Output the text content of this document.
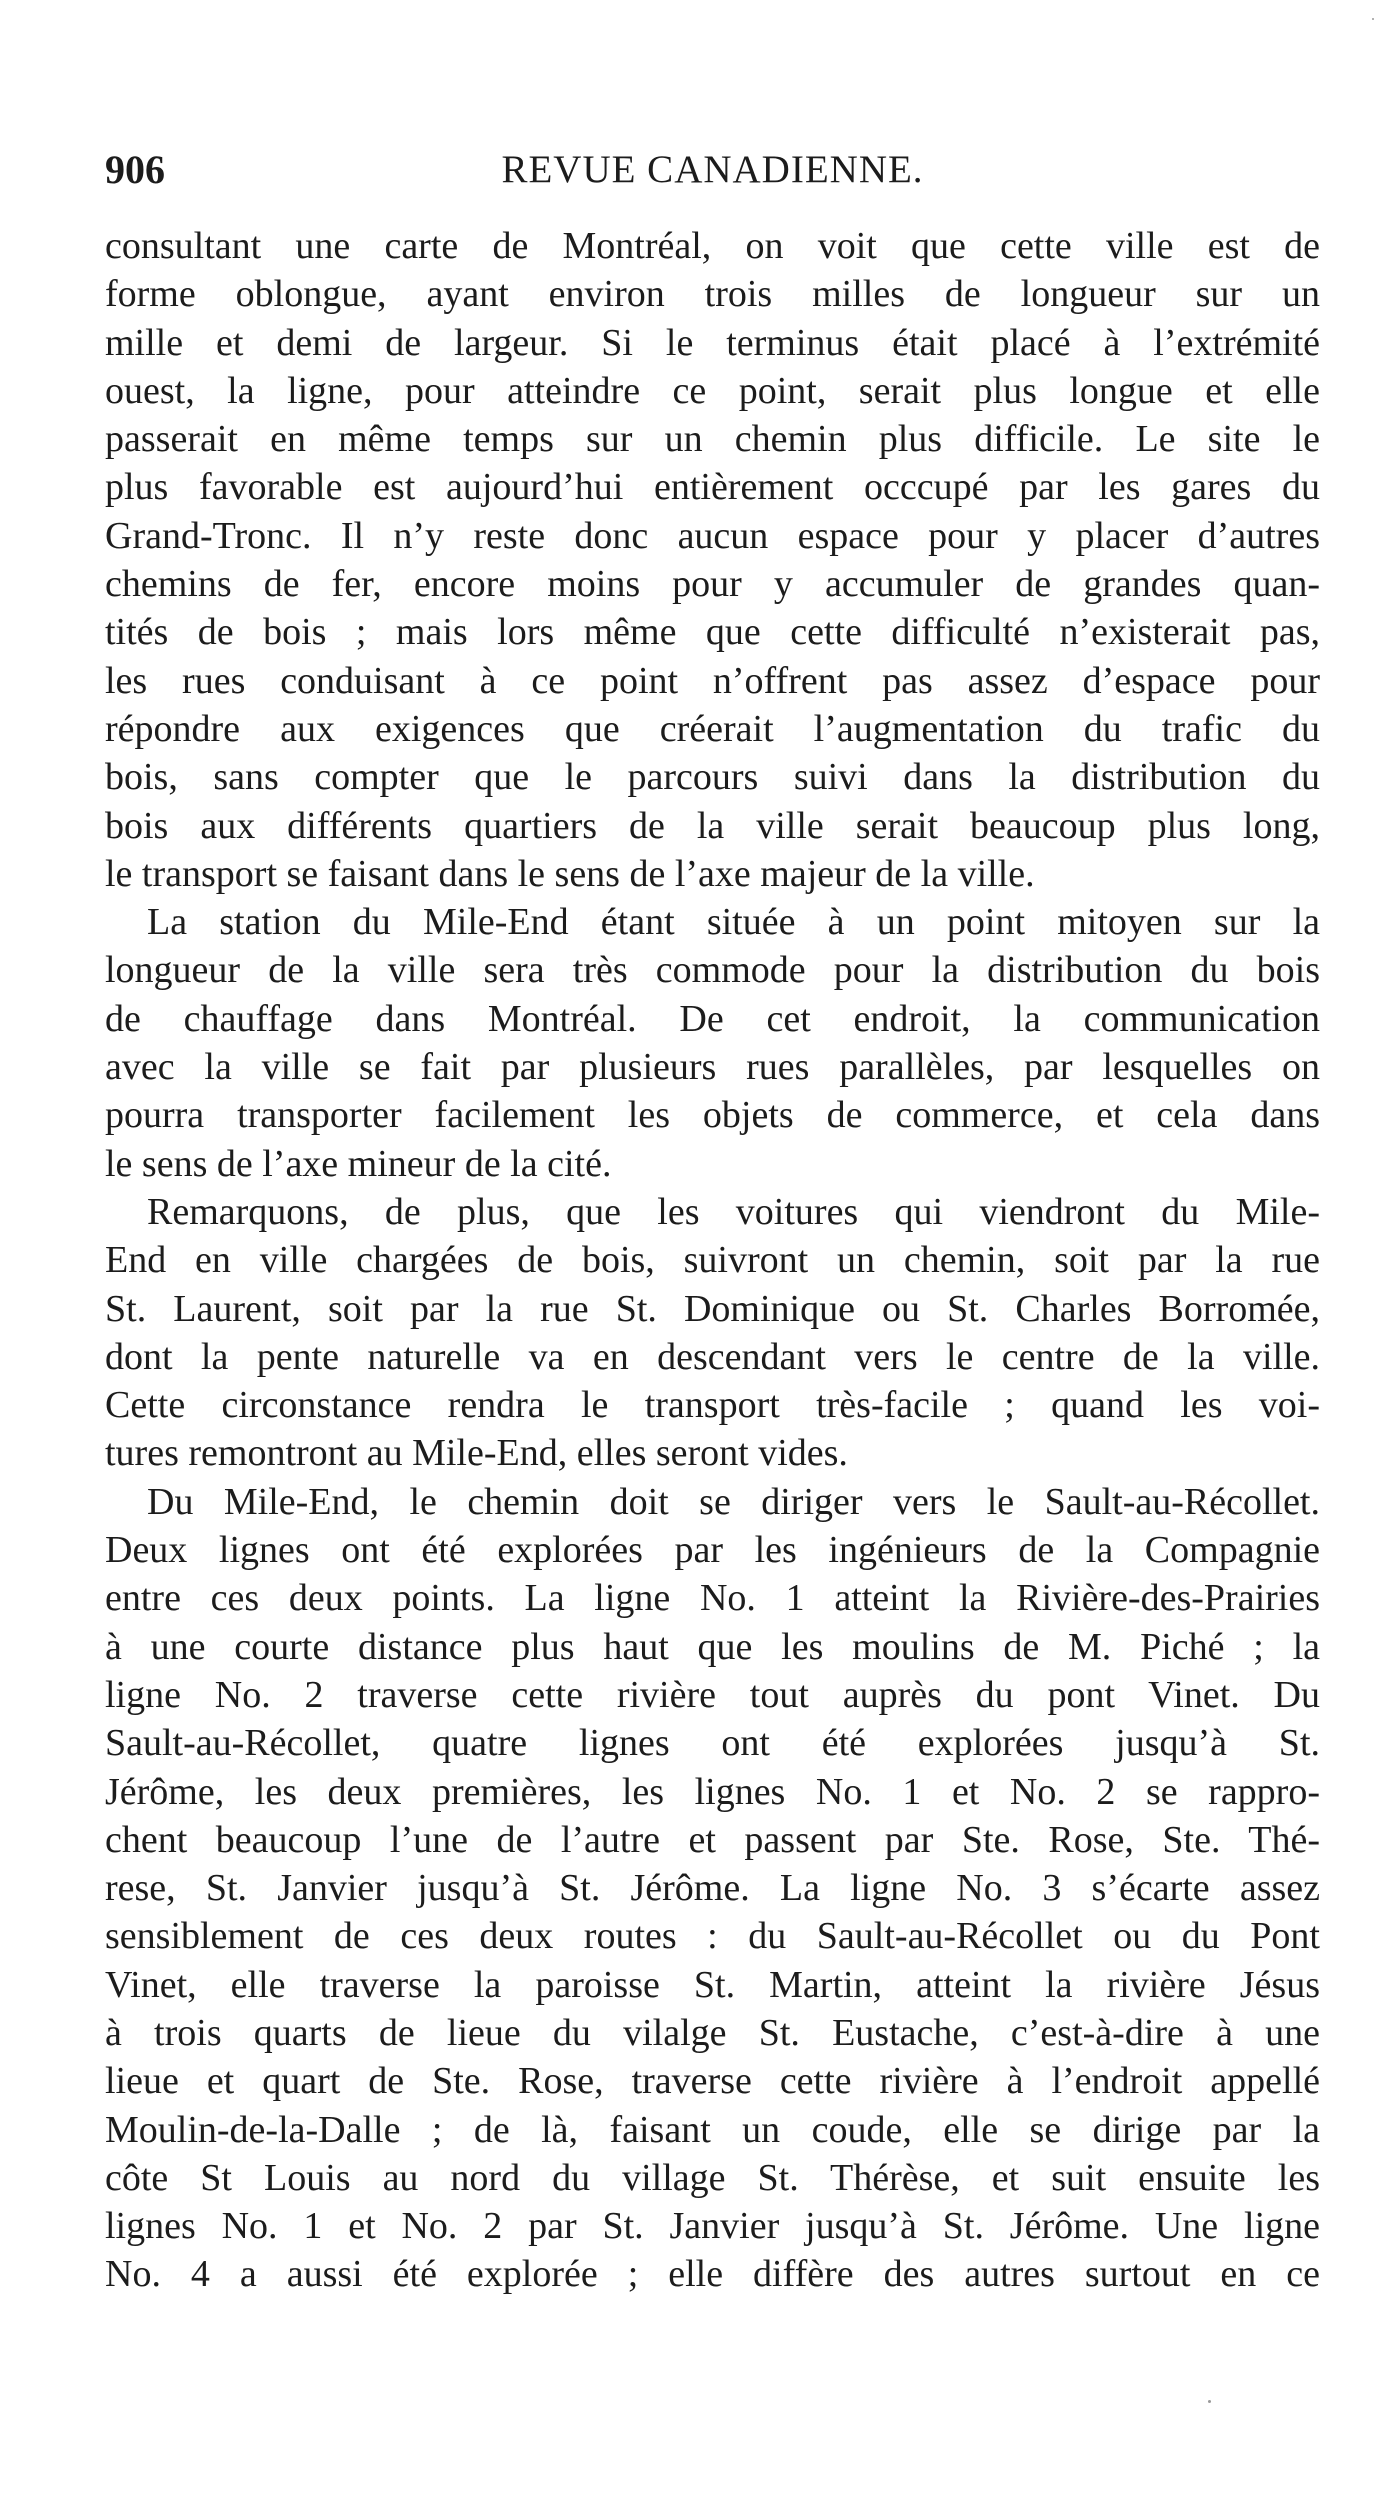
906	REVUE CANADIENNE.
consultant une carte de Montréal, on voit que cette ville est de
forme oblongue, ayant environ trois milles de longueur sur un
mille et demi de largeur. Si le terminus était placé à l’extrémité
ouest, la ligne, pour atteindre ce point, serait plus longue et elle
passerait en même temps sur un chemin plus difficile. Le site le
plus favorable est aujourd’hui entièrement occcupé par les gares du
Grand-Tronc. Il n’y reste donc aucun espace pour y placer d’autres
chemins de fer, encore moins pour y accumuler de grandes quan-
tités de bois ; mais lors même que cette difficulté n’existerait pas,
les rues conduisant à ce point n’offrent pas assez d’espace pour
répondre aux exigences que créerait l’augmentation du trafic du
bois, sans compter que le parcours suivi dans la distribution du
bois aux différents quartiers de la ville serait beaucoup plus long,
le transport se faisant dans le sens de l’axe majeur de la ville.
La station du Mile-End étant située à un point mitoyen sur la
longueur de la ville sera très commode pour la distribution du bois
de chauffage dans Montréal. De cet endroit, la communication
avec la ville se fait par plusieurs rues parallèles, par lesquelles on
pourra transporter facilement les objets de commerce, et cela dans
le sens de l’axe mineur de la cité.
Remarquons, de plus, que les voitures qui viendront du Mile-
End en ville chargées de bois, suivront un chemin, soit par la rue
St. Laurent, soit par la rue St. Dominique ou St. Charles Borromée,
dont la pente naturelle va en descendant vers le centre de la ville.
Cette circonstance rendra le transport très-facile ; quand les voi-
tures remontront au Mile-End, elles seront vides.
Du Mile-End, le chemin doit se diriger vers le Sault-au-Récollet.
Deux lignes ont été explorées par les ingénieurs de la Compagnie
entre ces deux points. La ligne No. 1 atteint la Rivière-des-Prairies
à une courte distance plus haut que les moulins de M. Piché ; la
ligne No. 2 traverse cette rivière tout auprès du pont Vinet. Du
Sault-au-Récollet, quatre lignes ont été explorées jusqu’à St.
Jérôme, les deux premières, les lignes No. 1 et No. 2 se rappro-
chent beaucoup l’une de l’autre et passent par Ste. Rose, Ste. Thé-
rese, St. Janvier jusqu’à St. Jérôme. La ligne No. 3 s’écarte assez
sensiblement de ces deux routes : du Sault-au-Récollet ou du Pont
Vinet, elle traverse la paroisse St. Martin, atteint la rivière Jésus
à trois quarts de lieue du vilalge St. Eustache, c’est-à-dire à une
lieue et quart de Ste. Rose, traverse cette rivière à l’endroit appellé
Moulin-de-la-Dalle ; de là, faisant un coude, elle se dirige par la
côte St Louis au nord du village St. Thérèse, et suit ensuite les
lignes No. 1 et No. 2 par St. Janvier jusqu’à St. Jérôme. Une ligne
No. 4 a aussi été explorée ; elle diffère des autres surtout en ce
